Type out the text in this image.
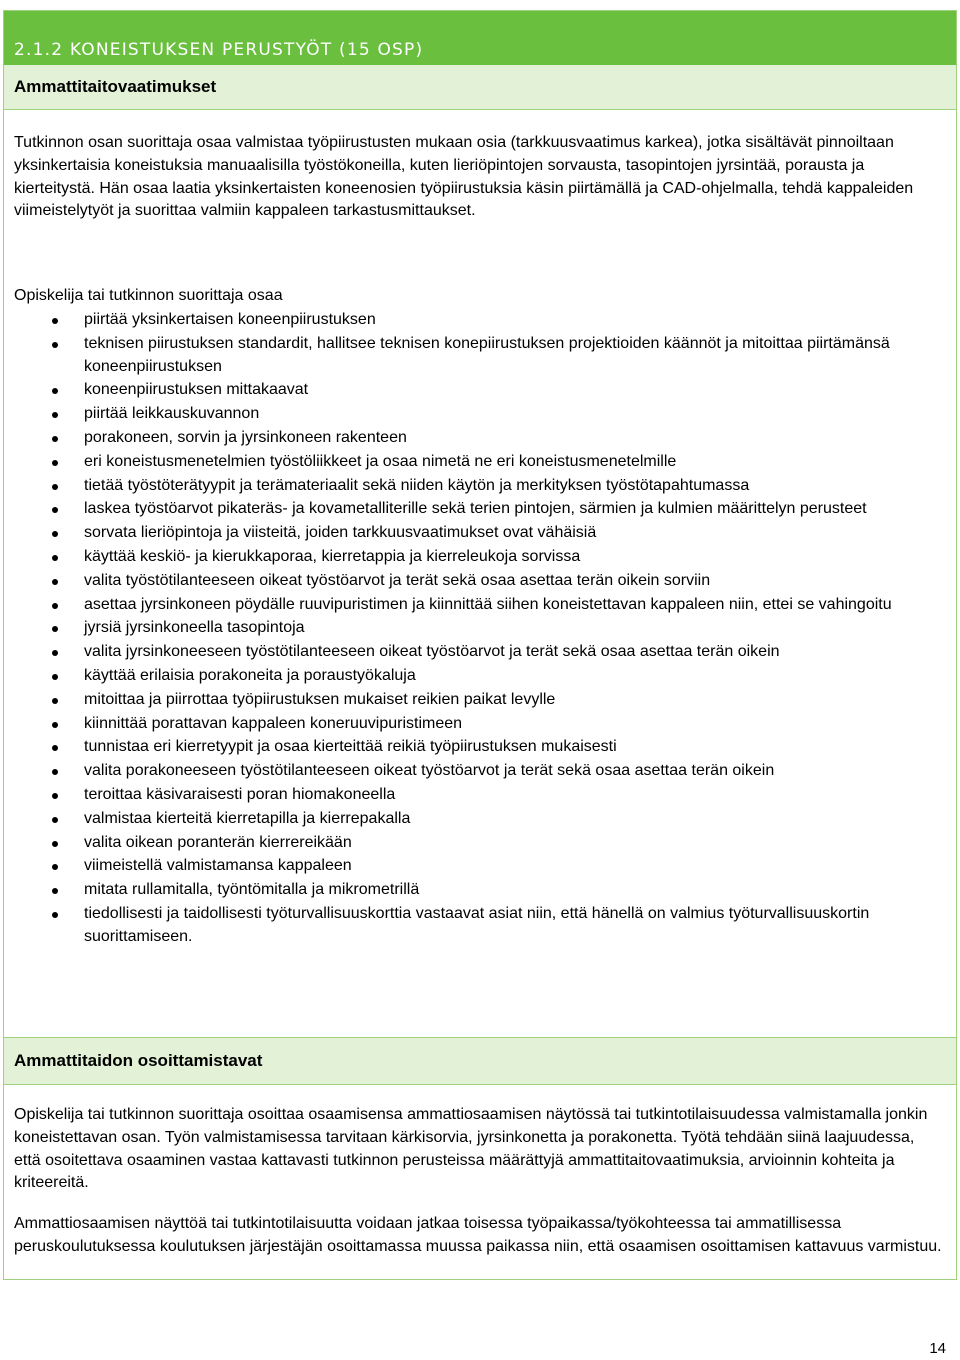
2.1.2 KONEISTUKSEN PERUSTYÖT (15 OSP)
Ammattitaitovaatimukset
Tutkinnon osan suorittaja osaa valmistaa työpiirustusten mukaan osia (tarkkuusvaatimus karkea), jotka sisältävät pinnoiltaan yksinkertaisia koneistuksia manuaalisilla työstökoneilla, kuten lieriöpintojen sorvausta, tasopintojen jyrsintää, porausta ja kierteitystä. Hän osaa laatia yksinkertaisten koneenosien työpiirustuksia käsin piirtämällä ja CAD-ohjelmalla, tehdä kappaleiden viimeistelytyöt ja suorittaa valmiin kappaleen tarkastusmittaukset.
Opiskelija tai tutkinnon suorittaja osaa
piirtää yksinkertaisen koneenpiirustuksen
teknisen piirustuksen standardit, hallitsee teknisen konepiirustuksen projektioiden käännöt ja mitoittaa piirtämänsä koneenpiirustuksen
koneenpiirustuksen mittakaavat
piirtää leikkauskuvannon
porakoneen, sorvin ja jyrsinkoneen rakenteen
eri koneistusmenetelmien työstöliikkeet ja osaa nimetä ne eri koneistusmenetelmille
tietää työstöterätyypit ja terämateriaalit sekä niiden käytön ja merkityksen työstötapahtumassa
laskea työstöarvot pikateräs- ja kovametalliterille sekä terien pintojen, särmien ja kulmien määrittelyn perusteet
sorvata lieriöpintoja ja viisteitä, joiden tarkkuusvaatimukset ovat vähäisiä
käyttää keskiö- ja kierukkaporaa, kierretappia ja kierreleukoja sorvissa
valita työstötilanteeseen oikeat työstöarvot ja terät sekä osaa asettaa terän oikein sorviin
asettaa jyrsinkoneen pöydälle ruuvipuristimen ja kiinnittää siihen koneistettavan kappaleen niin, ettei se vahingoitu
jyrsiä jyrsinkoneella tasopintoja
valita jyrsinkoneeseen työstötilanteeseen oikeat työstöarvot ja terät sekä osaa asettaa terän oikein
käyttää erilaisia porakoneita ja poraustyökaluja
mitoittaa ja piirrottaa työpiirustuksen mukaiset reikien paikat levylle
kiinnittää porattavan kappaleen koneruuvipuristimeen
tunnistaa eri kierretyypit ja osaa kierteittää reikiä työpiirustuksen mukaisesti
valita porakoneeseen työstötilanteeseen oikeat työstöarvot ja terät sekä osaa asettaa terän oikein
teroittaa käsivaraisesti poran hiomakoneella
valmistaa kierteitä kierretapilla ja kierrepakalla
valita oikean poranterän kierrereikään
viimeistellä valmistamansa kappaleen
mitata rullamitalla, työntömitalla ja mikrometrillä
tiedollisesti ja taidollisesti työturvallisuuskorttia vastaavat asiat niin, että hänellä on valmius työturvallisuuskortin suorittamiseen.
Ammattitaidon osoittamistavat
Opiskelija tai tutkinnon suorittaja osoittaa osaamisensa ammattiosaamisen näytössä tai tutkintotilaisuudessa valmistamalla jonkin koneistettavan osan. Työn valmistamisessa tarvitaan kärkisorvia, jyrsinkonetta ja porakonetta. Työtä tehdään siinä laajuudessa, että osoitettava osaaminen vastaa kattavasti tutkinnon perusteissa määrättyjä ammattitaitovaatimuksia, arvioinnin kohteita ja kriteereitä.
Ammattiosaamisen näyttöä tai tutkintotilaisuutta voidaan jatkaa toisessa työpaikassa/työkohteessa tai ammatillisessa peruskoulutuksessa koulutuksen järjestäjän osoittamassa muussa paikassa niin, että osaamisen osoittamisen kattavuus varmistuu.
14
